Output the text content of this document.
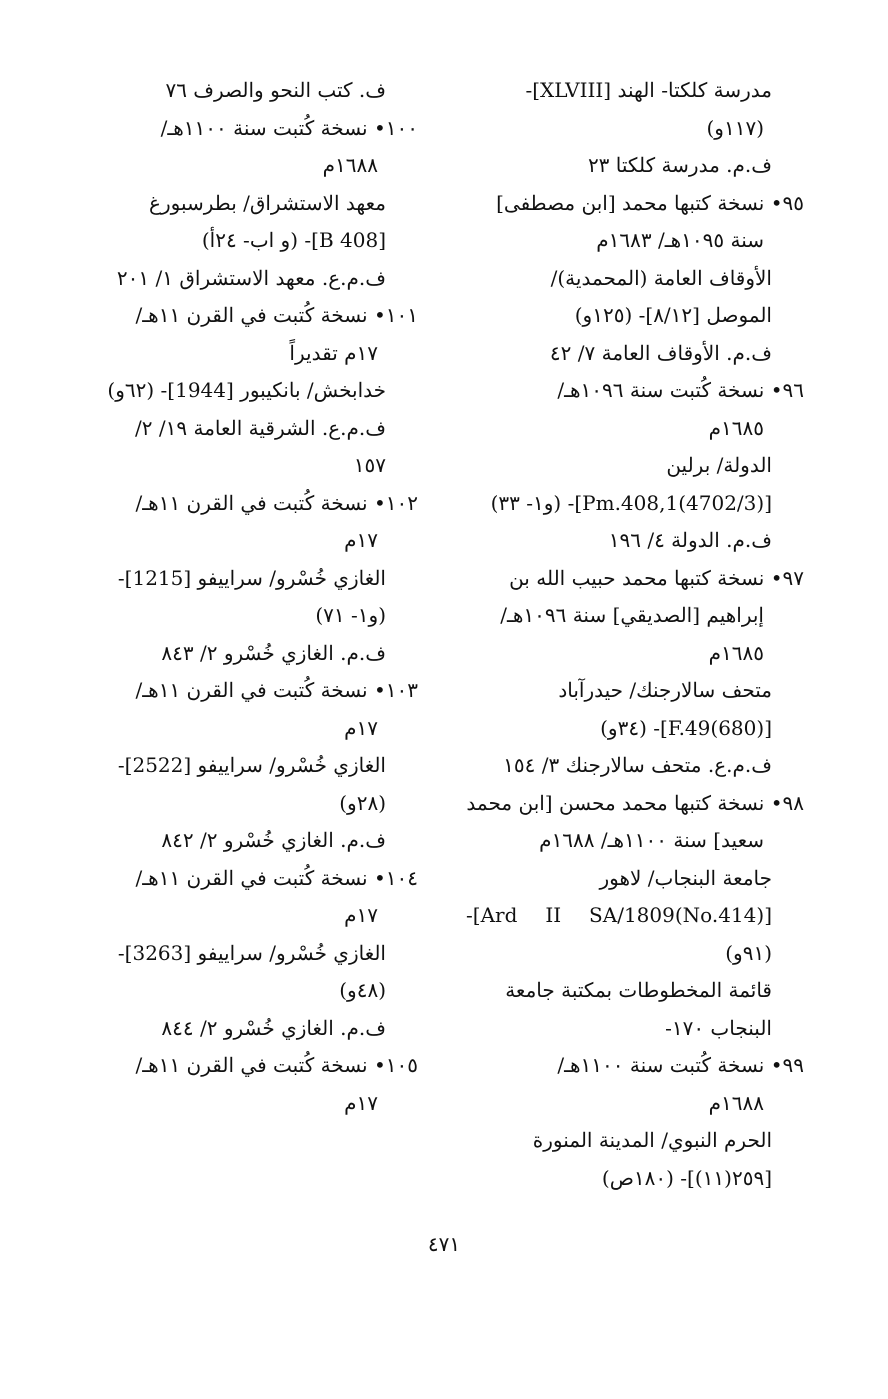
مدرسة كلكتا- الهند [XLVIII]-

(١١٧و)

ف.م. مدرسة كلكتا ٢٣

٩٥• نسخة كتبها محمد [ابن مصطفى]

سنة ١٠٩٥هـ/ ١٦٨٣م

الأوقاف العامة (المحمدية)/

الموصل [٨/١٢]- (١٢٥و)

ف.م. الأوقاف العامة ٧/ ٤٢

٩٦• نسخة كُتبت سنة ١٠٩٦هـ/

١٦٨٥م

الدولة/ برلين

[(4702/3)Pm.408,1]- (و١- ٣٣)

ف.م. الدولة ٤/ ١٩٦

٩٧• نسخة كتبها محمد حبيب الله بن

إبراهيم [الصديقي] سنة ١٠٩٦هـ/

١٦٨٥م

متحف سالارجنك/ حيدرآباد

[(680)F.49]- (٣٤و)

ف.م.ع. متحف سالارجنك ٣/ ١٥٤

٩٨• نسخة كتبها محمد محسن [ابن محمد

سعيد] سنة ١١٠٠هـ/ ١٦٨٨م

جامعة البنجاب/ لاهور

[(No.414)Ard II SA/1809]- (٩١و)

قائمة المخطوطات بمكتبة جامعة

البنجاب ١٧٠-

٩٩• نسخة كُتبت سنة ١١٠٠هـ/

١٦٨٨م

الحرم النبوي/ المدينة المنورة

[٢٥٩(١١)]- (١٨٠ص)

ف. كتب النحو والصرف ٧٦

١٠٠• نسخة كُتبت سنة ١١٠٠هـ/

١٦٨٨م

معهد الاستشراق/ بطرسبورغ

[B 408]- (و اب- ٢٤أ)

ف.م.ع. معهد الاستشراق ١/ ٢٠١

١٠١• نسخة كُتبت في القرن ١١هـ/

١٧م تقديراً

خدابخش/ بانكيبور [1944]- (٦٢و)

ف.م.ع. الشرقية العامة ١٩/ ٢/

١٥٧

١٠٢• نسخة كُتبت في القرن ١١هـ/

١٧م

الغازي خُسْرو/ سراييفو [1215]-

(و١- ٧١)

ف.م. الغازي خُسْرو ٢/ ٨٤٣

١٠٣• نسخة كُتبت في القرن ١١هـ/

١٧م

الغازي خُسْرو/ سراييفو [2522]-

(٢٨و)

ف.م. الغازي خُسْرو ٢/ ٨٤٢

١٠٤• نسخة كُتبت في القرن ١١هـ/

١٧م

الغازي خُسْرو/ سراييفو [3263]-

(٤٨و)

ف.م. الغازي خُسْرو ٢/ ٨٤٤

١٠٥• نسخة كُتبت في القرن ١١هـ/

١٧م

٤٧١
